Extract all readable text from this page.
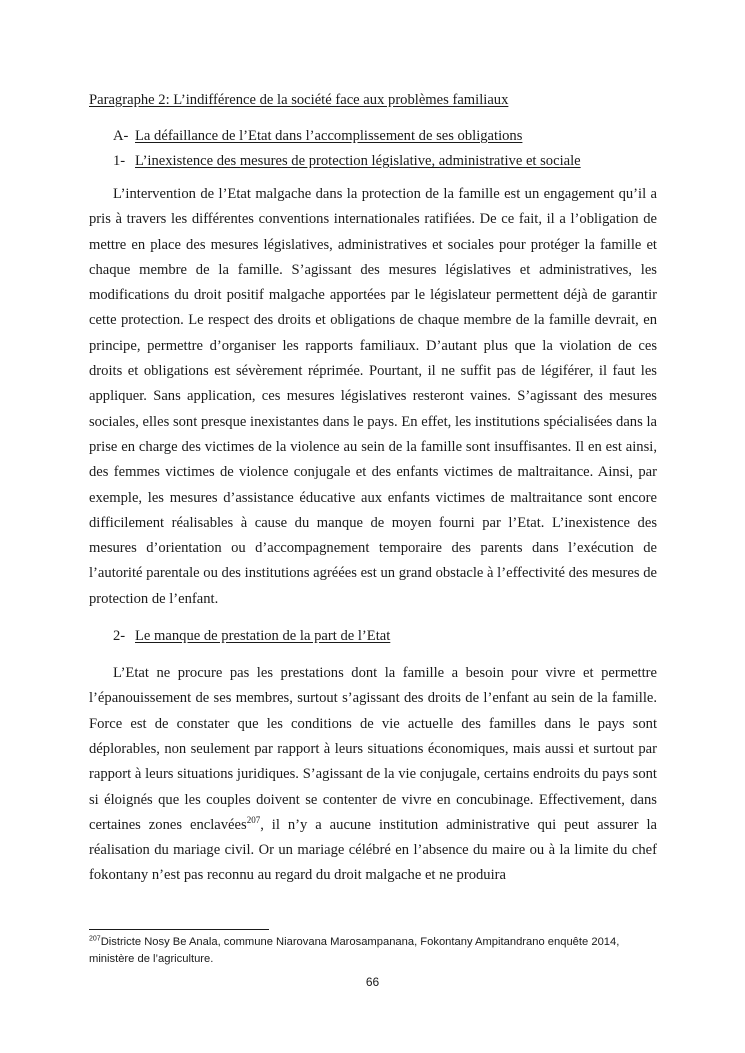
Paragraphe 2: L’indifférence de la société face aux problèmes familiaux

A- La défaillance de l’Etat dans l’accomplissement de ses obligations
1- L’inexistence des mesures de protection législative, administrative et sociale

L’intervention de l’Etat malgache dans la protection de la famille est un engagement qu’il a pris à travers les différentes conventions internationales ratifiées. De ce fait, il a l’obligation de mettre en place des mesures législatives, administratives et sociales pour protéger la famille et chaque membre de la famille. S’agissant des mesures législatives et administratives, les modifications du droit positif malgache apportées par le législateur permettent déjà de garantir cette protection. Le respect des droits et obligations de chaque membre de la famille devrait, en principe, permettre d’organiser les rapports familiaux. D’autant plus que la violation de ces droits et obligations est sévèrement réprimée. Pourtant, il ne suffit pas de légiférer, il faut les appliquer. Sans application, ces mesures législatives resteront vaines. S’agissant des mesures sociales, elles sont presque inexistantes dans le pays. En effet, les institutions spécialisées dans la prise en charge des victimes de la violence au sein de la famille sont insuffisantes. Il en est ainsi, des femmes victimes de violence conjugale et des enfants victimes de maltraitance. Ainsi, par exemple, les mesures d’assistance éducative aux enfants victimes de maltraitance sont encore difficilement réalisables à cause du manque de moyen fourni par l’Etat. L’inexistence des mesures d’orientation ou d’accompagnement temporaire des parents dans l’exécution de l’autorité parentale ou des institutions agréées est un grand obstacle à l’effectivité des mesures de protection de l’enfant.

2- Le manque de prestation de la part de l’Etat

L’Etat ne procure pas les prestations dont la famille a besoin pour vivre et permettre l’épanouissement de ses membres, surtout s’agissant des droits de l’enfant au sein de la famille. Force est de constater que les conditions de vie actuelle des familles dans le pays sont déplorables, non seulement par rapport à leurs situations économiques, mais aussi et surtout par rapport à leurs situations juridiques. S’agissant de la vie conjugale, certains endroits du pays sont si éloignés que les couples doivent se contenter de vivre en concubinage. Effectivement, dans certaines zones enclavées$^{207}$, il n’y a aucune institution administrative qui peut assurer la réalisation du mariage civil. Or un mariage célébré en l’absence du maire ou à la limite du chef fokontany n’est pas reconnu au regard du droit malgache et ne produira

$^{207}$Districte Nosy Be Anala, commune Niarovana Marosampanana, Fokontany Ampitandrano enquête 2014, ministère de l’agriculture.
66
